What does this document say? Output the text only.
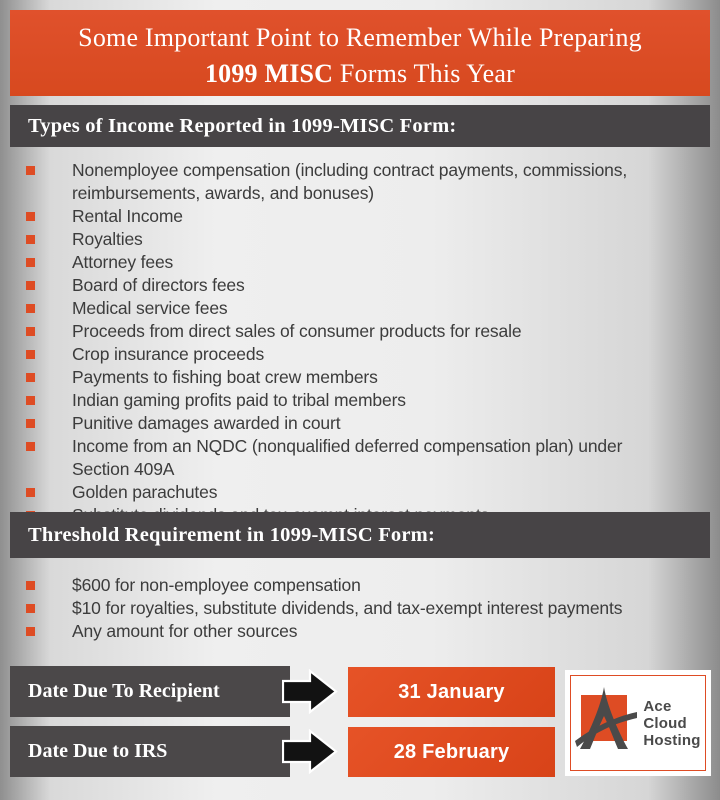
Some Important Point to Remember While Preparing
1099 MISC Forms This Year
Types of Income Reported in 1099-MISC Form:
Nonemployee compensation (including contract payments, commissions, reimbursements, awards, and bonuses)
Rental Income
Royalties
Attorney fees
Board of directors fees
Medical service fees
Proceeds from direct sales of consumer products for resale
Crop insurance proceeds
Payments to fishing boat crew members
Indian gaming profits paid to tribal members
Punitive damages awarded in court
Income from an NQDC (nonqualified deferred compensation plan) under Section 409A
Golden parachutes
Threshold Requirement in 1099-MISC Form:
$600 for non-employee compensation
$10 for royalties, substitute dividends, and tax-exempt interest payments
Any amount for other sources
Date Due To Recipient	31 January
Date Due to IRS	28 February
Ace
Cloud
Hosting
